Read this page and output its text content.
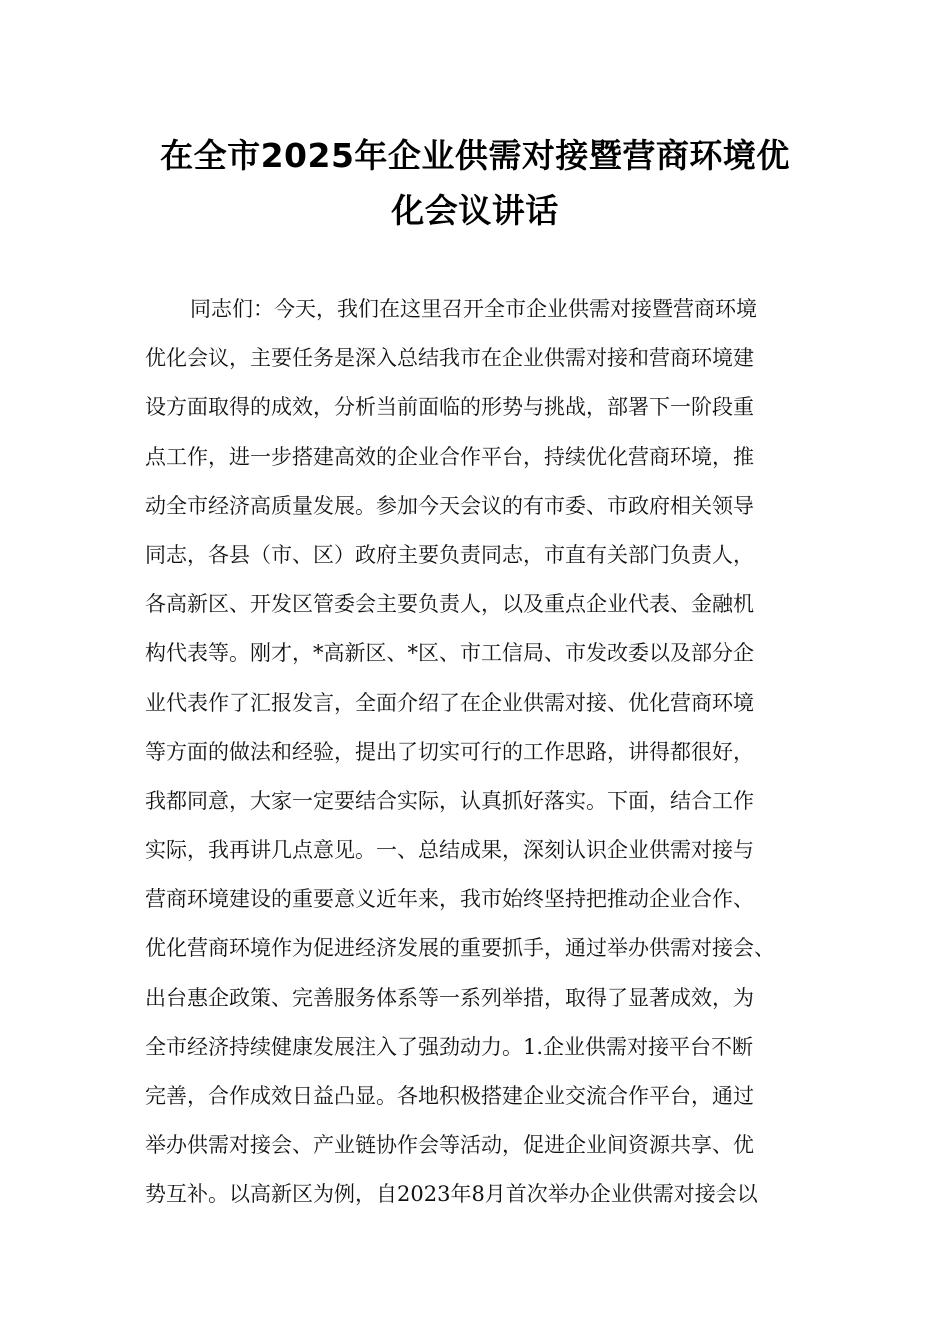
在全市2025年企业供需对接暨营商环境优
化会议讲话
同志们：今天，我们在这里召开全市企业供需对接暨营商环境
优化会议，主要任务是深入总结我市在企业供需对接和营商环境建
设方面取得的成效，分析当前面临的形势与挑战，部署下一阶段重
点工作，进一步搭建高效的企业合作平台，持续优化营商环境，推
动全市经济高质量发展。参加今天会议的有市委、市政府相关领导
同志，各县（市、区）政府主要负责同志，市直有关部门负责人，
各高新区、开发区管委会主要负责人，以及重点企业代表、金融机
构代表等。刚才，*高新区、*区、市工信局、市发改委以及部分企
业代表作了汇报发言，全面介绍了在企业供需对接、优化营商环境
等方面的做法和经验，提出了切实可行的工作思路，讲得都很好，
我都同意，大家一定要结合实际，认真抓好落实。下面，结合工作
实际，我再讲几点意见。一、总结成果，深刻认识企业供需对接与
营商环境建设的重要意义近年来，我市始终坚持把推动企业合作、
优化营商环境作为促进经济发展的重要抓手，通过举办供需对接会、
出台惠企政策、完善服务体系等一系列举措，取得了显著成效，为
全市经济持续健康发展注入了强劲动力。1.企业供需对接平台不断
完善，合作成效日益凸显。各地积极搭建企业交流合作平台，通过
举办供需对接会、产业链协作会等活动，促进企业间资源共享、优
势互补。以高新区为例，自2023年8月首次举办企业供需对接会以
